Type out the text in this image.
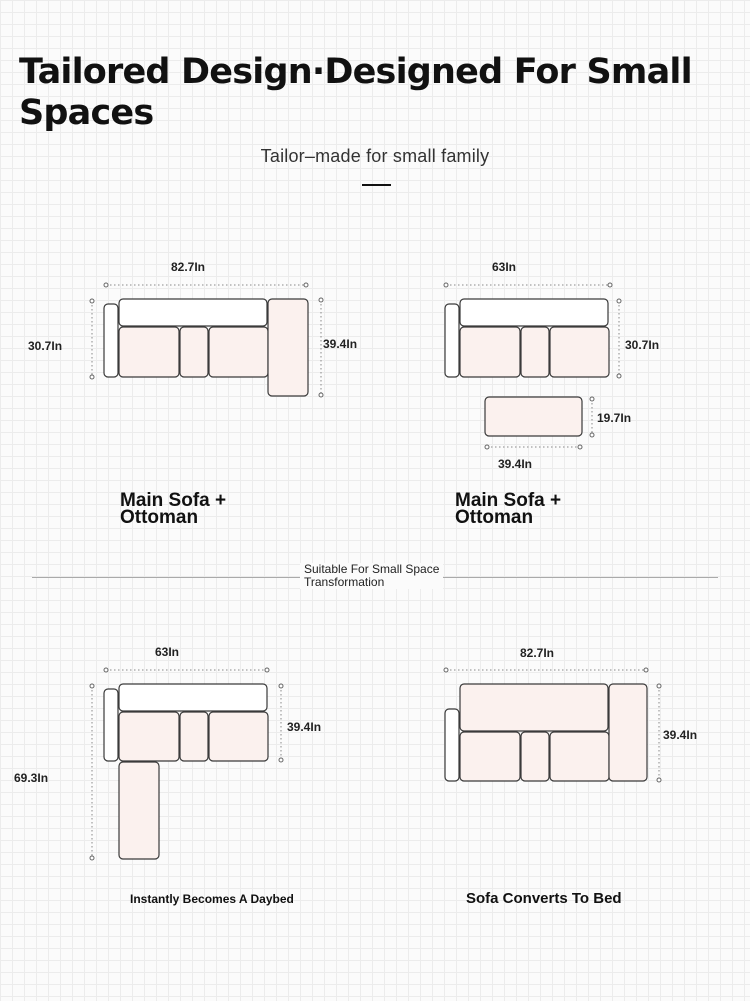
Tailored Design·Designed For Small Spaces
Tailor–made for small family
82.7In
30.7In	39.4In
63In
30.7In
19.7In
39.4In
63In
39.4In
69.3In
82.7In
39.4In
Main Sofa + Ottoman
Main Sofa + Ottoman
Suitable For Small Space
Transformation
Instantly Becomes A Daybed	Sofa Converts To Bed
